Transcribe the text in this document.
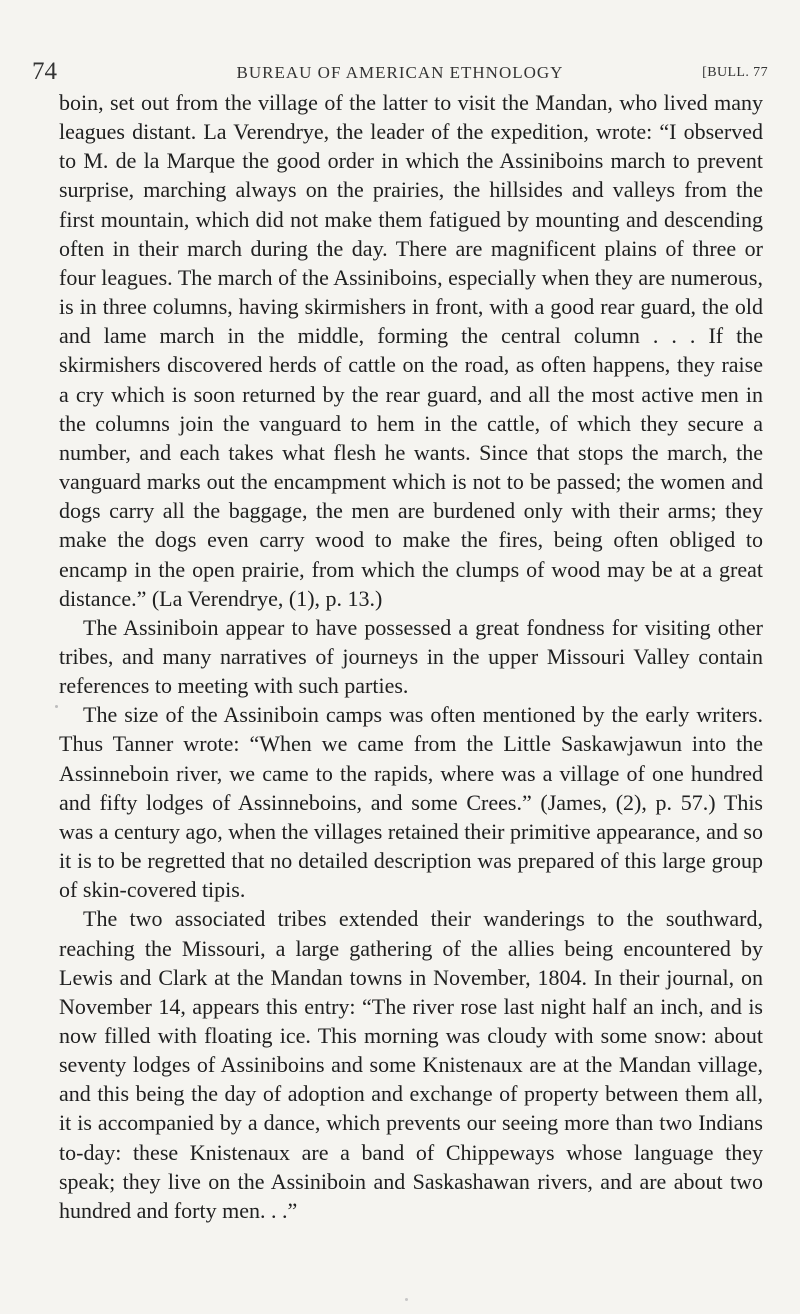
74	BUREAU OF AMERICAN ETHNOLOGY	[BULL. 77

boin, set out from the village of the latter to visit the Mandan, who lived many leagues distant. La Verendrye, the leader of the expedition, wrote: “I observed to M. de la Marque the good order in which the Assiniboins march to prevent surprise, marching always on the prairies, the hillsides and valleys from the first mountain, which did not make them fatigued by mounting and descending often in their march during the day. There are magnificent plains of three or four leagues. The march of the Assiniboins, especially when they are numerous, is in three columns, having skirmishers in front, with a good rear guard, the old and lame march in the middle, forming the central column . . . If the skirmishers discovered herds of cattle on the road, as often happens, they raise a cry which is soon returned by the rear guard, and all the most active men in the columns join the vanguard to hem in the cattle, of which they secure a number, and each takes what flesh he wants. Since that stops the march, the vanguard marks out the encampment which is not to be passed; the women and dogs carry all the baggage, the men are burdened only with their arms; they make the dogs even carry wood to make the fires, being often obliged to encamp in the open prairie, from which the clumps of wood may be at a great distance.” (La Verendrye, (1), p. 13.)

The Assiniboin appear to have possessed a great fondness for visiting other tribes, and many narratives of journeys in the upper Missouri Valley contain references to meeting with such parties.

The size of the Assiniboin camps was often mentioned by the early writers. Thus Tanner wrote: “When we came from the Little Saskawjawun into the Assinneboin river, we came to the rapids, where was a village of one hundred and fifty lodges of Assinneboins, and some Crees.” (James, (2), p. 57.) This was a century ago, when the villages retained their primitive appearance, and so it is to be regretted that no detailed description was prepared of this large group of skin-covered tipis.

The two associated tribes extended their wanderings to the southward, reaching the Missouri, a large gathering of the allies being encountered by Lewis and Clark at the Mandan towns in November, 1804. In their journal, on November 14, appears this entry: “The river rose last night half an inch, and is now filled with floating ice. This morning was cloudy with some snow: about seventy lodges of Assiniboins and some Knistenaux are at the Mandan village, and this being the day of adoption and exchange of property between them all, it is accompanied by a dance, which prevents our seeing more than two Indians to-day: these Knistenaux are a band of Chippeways whose language they speak; they live on the Assiniboin and Saskashawan rivers, and are about two hundred and forty men. . .”
